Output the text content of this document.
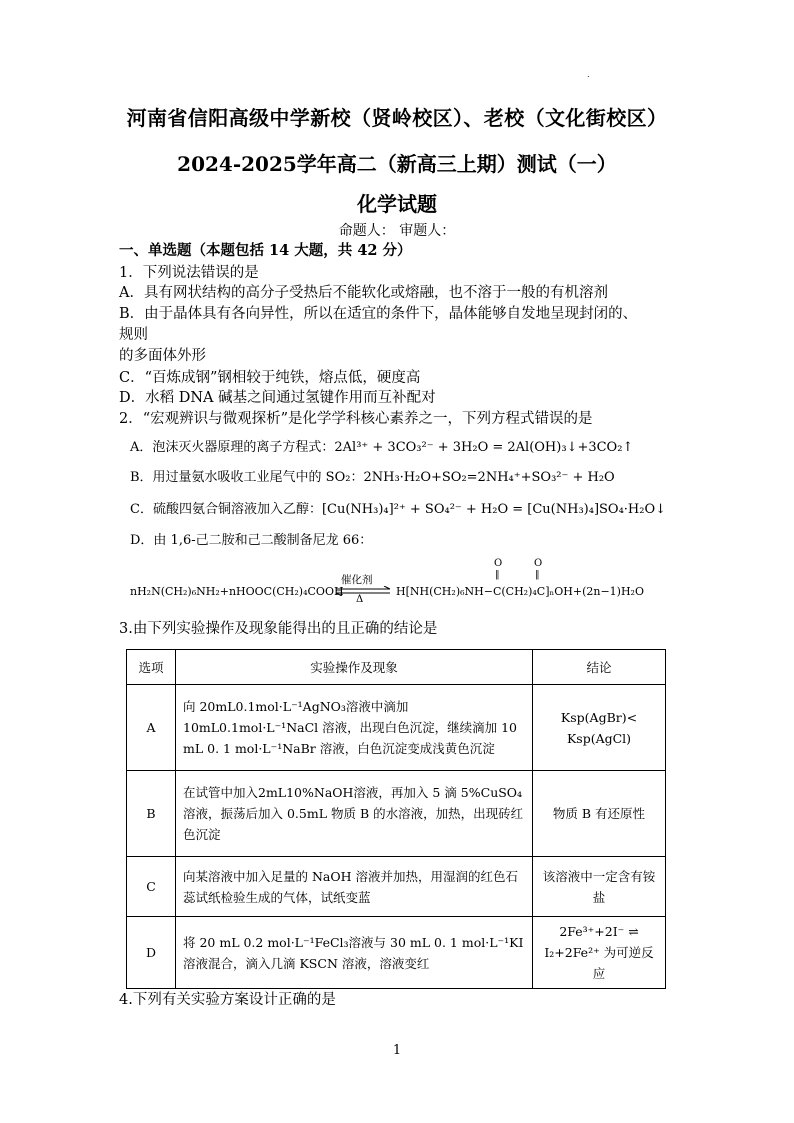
.
河南省信阳高级中学新校（贤岭校区）、老校（文化街校区）
2024-2025学年高二（新高三上期）测试（一）
化学试题
命题人： 审题人：
一、单选题（本题包括 14 大题，共 42 分）
1．下列说法错误的是
A．具有网状结构的高分子受热后不能软化或熔融，也不溶于一般的有机溶剂
B．由于晶体具有各向异性，所以在适宜的条件下，晶体能够自发地呈现封闭的、
规则
的多面体外形
C．“百炼成钢”钢相较于纯铁，熔点低，硬度高
D．水稻 DNA 碱基之间通过氢键作用而互补配对
2．“宏观辨识与微观探析”是化学学科核心素养之一，下列方程式错误的是
A．泡沫灭火器原理的离子方程式：2Al³⁺ + 3CO₃²⁻ + 3H₂O = 2Al(OH)₃↓+3CO₂↑
B．用过量氨水吸收工业尾气中的 SO₂：2NH₃·H₂O+SO₂=2NH₄⁺+SO₃²⁻ + H₂O
C．硫酸四氨合铜溶液加入乙醇：[Cu(NH₃)₄]²⁺ + SO₄²⁻ + H₂O = [Cu(NH₃)₄]SO₄·H₂O↓
D．由 1,6-己二胺和己二酸制备尼龙 66：
nH₂N(CH₂)₆NH₂+nHOOC(CH₂)₄COOH
催化剂
Δ
H[NH(CH₂)₆NH−C(CH₂)₄C]ₙOH+(2n−1)H₂O
O
‖
O
‖
3.由下列实验操作及现象能得出的且正确的结论是
选项	实验操作及现象	结论
A	向 20mL0.1mol·L⁻¹AgNO₃溶液中滴加 10mL0.1mol·L⁻¹NaCl 溶液，出现白色沉淀，继续滴加 10 mL 0. 1 mol·L⁻¹NaBr 溶液，白色沉淀变成浅黄色沉淀	Ksp(AgBr)< Ksp(AgCl)
B	在试管中加入2mL10%NaOH溶液，再加入 5 滴 5%CuSO₄ 溶液，振荡后加入 0.5mL 物质 B 的水溶液，加热，出现砖红色沉淀	物质 B 有还原性
C	向某溶液中加入足量的 NaOH 溶液并加热，用湿润的红色石蕊试纸检验生成的气体，试纸变蓝	该溶液中一定含有铵盐
D	将 20 mL 0.2 mol·L⁻¹FeCl₃溶液与 30 mL 0. 1 mol·L⁻¹KI 溶液混合，滴入几滴 KSCN 溶液，溶液变红	2Fe³⁺+2I⁻ ⇌ I₂+2Fe²⁺ 为可逆反应
4.下列有关实验方案设计正确的是
1
